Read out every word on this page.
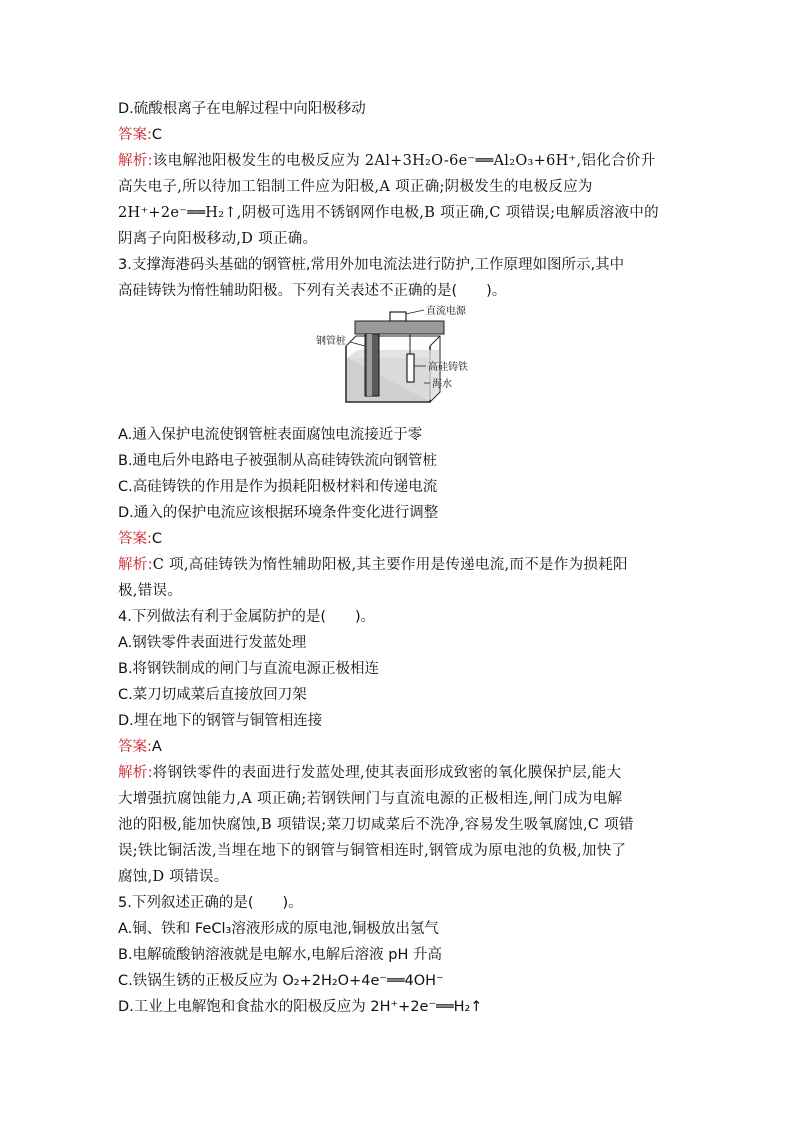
D.硫酸根离子在电解过程中向阳极移动
答案:C
解析:该电解池阳极发生的电极反应为 2Al+3H₂O-6e⁻══Al₂O₃+6H⁺,铝化合价升
高失电子,所以待加工铝制工件应为阳极,A 项正确;阴极发生的电极反应为
2H⁺+2e⁻══H₂↑,阴极可选用不锈钢网作电极,B 项正确,C 项错误;电解质溶液中的
阴离子向阳极移动,D 项正确。
3.支撑海港码头基础的钢管桩,常用外加电流法进行防护,工作原理如图所示,其中
高硅铸铁为惰性辅助阳极。下列有关表述不正确的是(　　)。
直流电源
钢管桩
高硅铸铁
海水
A.通入保护电流使钢管桩表面腐蚀电流接近于零
B.通电后外电路电子被强制从高硅铸铁流向钢管桩
C.高硅铸铁的作用是作为损耗阳极材料和传递电流
D.通入的保护电流应该根据环境条件变化进行调整
答案:C
解析:C 项,高硅铸铁为惰性辅助阳极,其主要作用是传递电流,而不是作为损耗阳
极,错误。
4.下列做法有利于金属防护的是(　　)。
A.钢铁零件表面进行发蓝处理
B.将钢铁制成的闸门与直流电源正极相连
C.菜刀切咸菜后直接放回刀架
D.埋在地下的钢管与铜管相连接
答案:A
解析:将钢铁零件的表面进行发蓝处理,使其表面形成致密的氧化膜保护层,能大
大增强抗腐蚀能力,A 项正确;若钢铁闸门与直流电源的正极相连,闸门成为电解
池的阳极,能加快腐蚀,B 项错误;菜刀切咸菜后不洗净,容易发生吸氧腐蚀,C 项错
误;铁比铜活泼,当埋在地下的钢管与铜管相连时,钢管成为原电池的负极,加快了
腐蚀,D 项错误。
5.下列叙述正确的是(　　)。
A.铜、铁和 FeCl₃溶液形成的原电池,铜极放出氢气
B.电解硫酸钠溶液就是电解水,电解后溶液 pH 升高
C.铁锅生锈的正极反应为 O₂+2H₂O+4e⁻══4OH⁻
D.工业上电解饱和食盐水的阳极反应为 2H⁺+2e⁻══H₂↑
